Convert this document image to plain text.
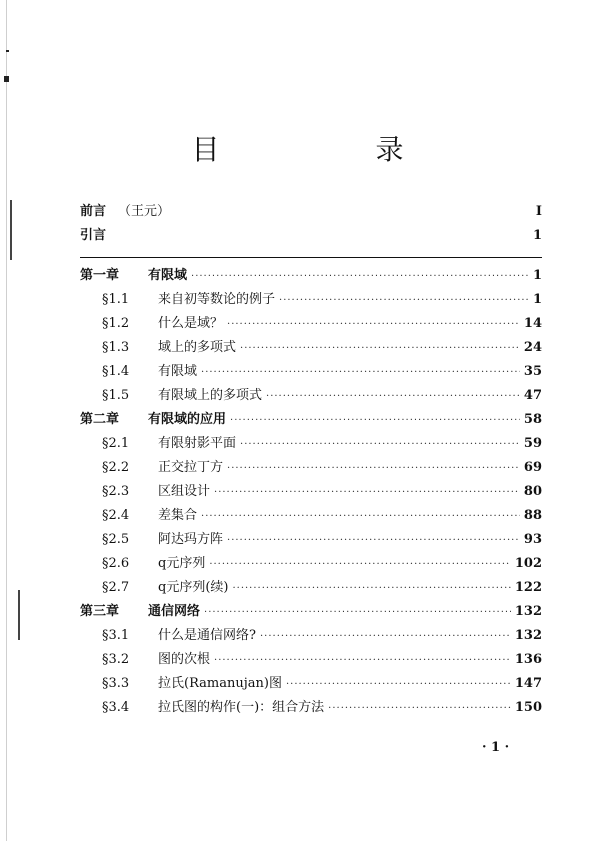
目　录
前言 （王元）	I
引言	1
第一章	有限域 ·····	1
§1.1	来自初等数论的例子 ·····	1
§1.2	什么是域？ ·····	14
§1.3	域上的多项式 ·····	24
§1.4	有限域 ·····	35
§1.5	有限域上的多项式 ·····	47
第二章	有限域的应用 ·····	58
§2.1	有限射影平面 ·····	59
§2.2	正交拉丁方 ·····	69
§2.3	区组设计 ·····	80
§2.4	差集合 ·····	88
§2.5	阿达玛方阵 ·····	93
§2.6	q元序列 ·····	102
§2.7	q元序列(续) ·····	122
第三章	通信网络 ·····	132
§3.1	什么是通信网络? ·····	132
§3.2	图的次根 ·····	136
§3.3	拉氏(Ramanujan)图 ·····	147
§3.4	拉氏图的构作(一)：组合方法 ·····	150
· 1 ·
